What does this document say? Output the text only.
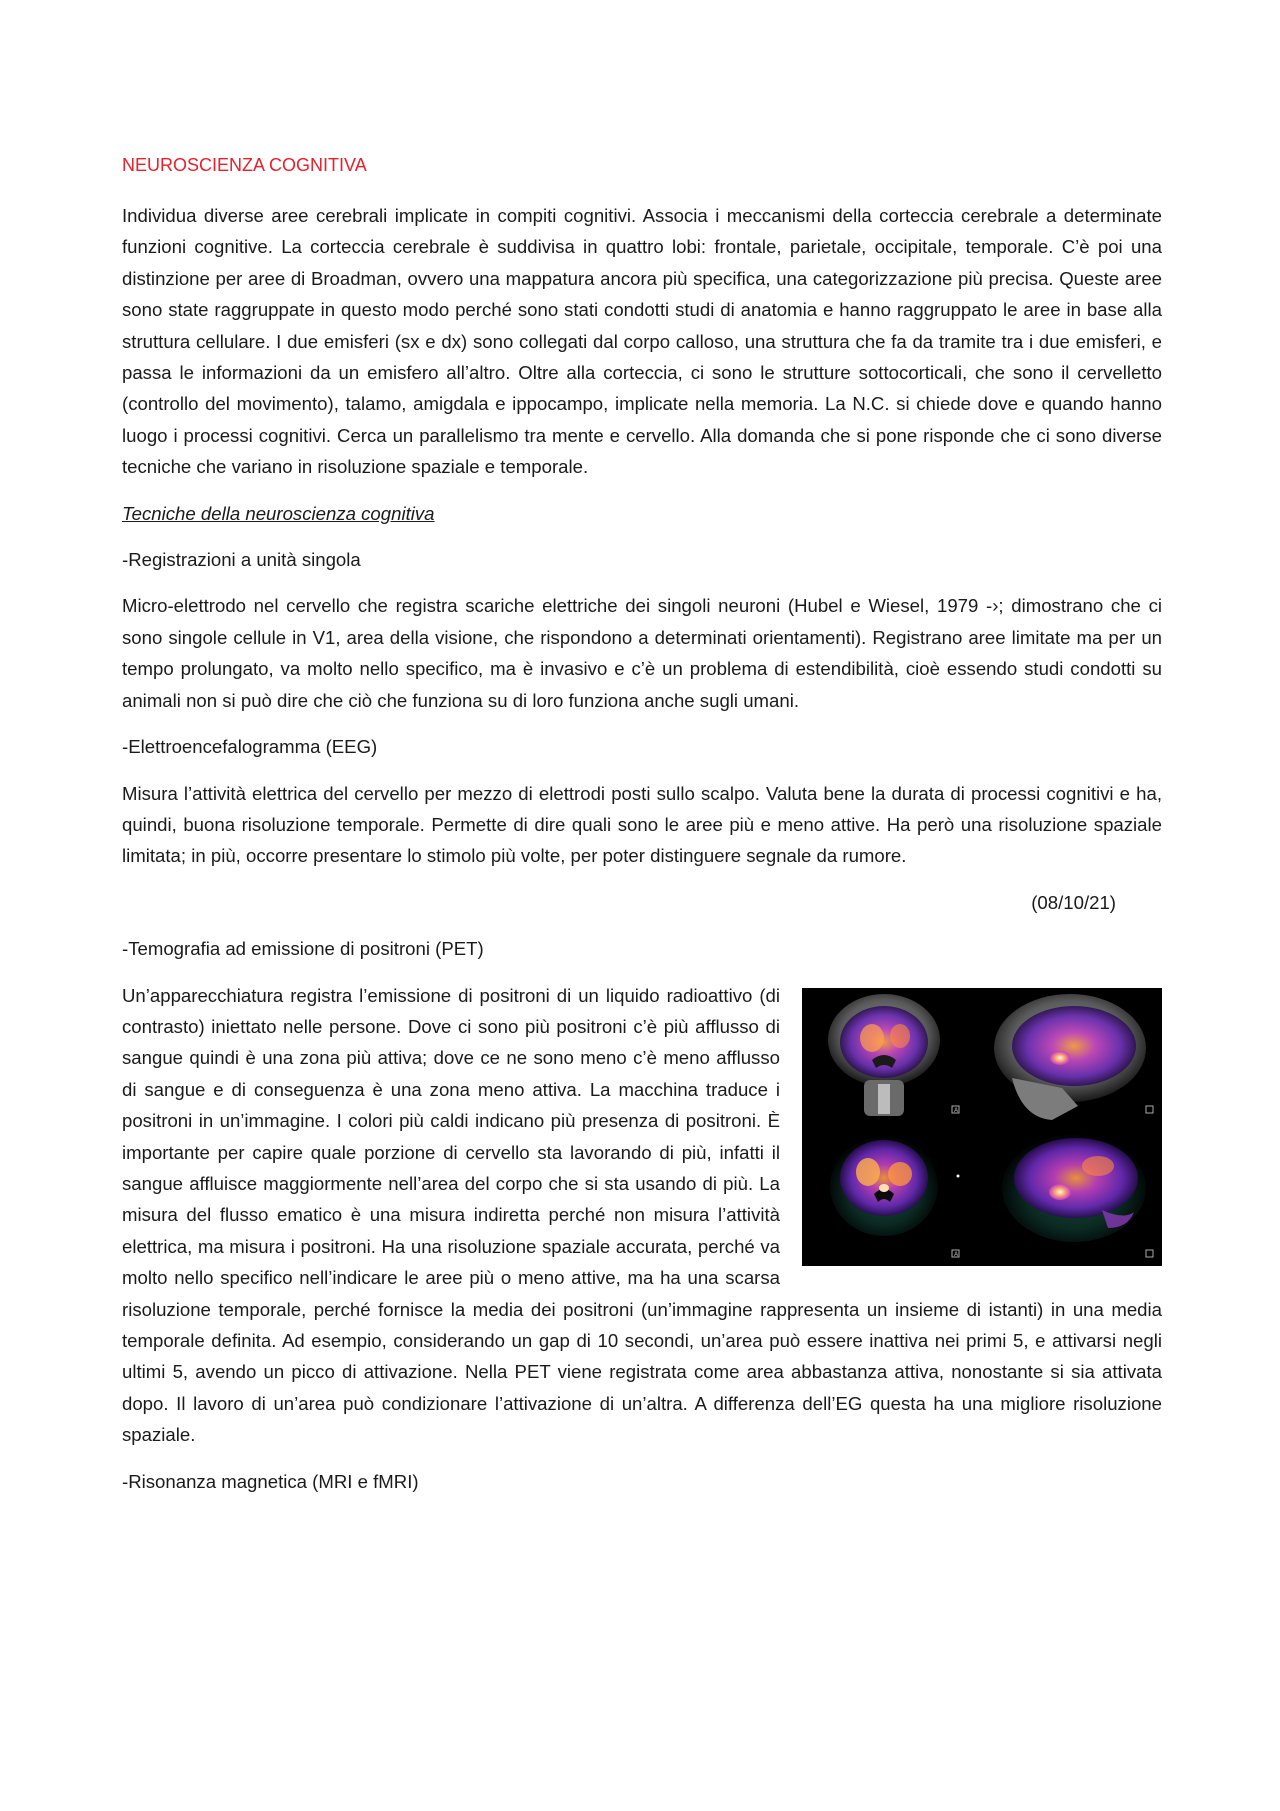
NEUROSCIENZA COGNITIVA

Individua diverse aree cerebrali implicate in compiti cognitivi. Associa i meccanismi della corteccia cerebrale a determinate funzioni cognitive. La corteccia cerebrale è suddivisa in quattro lobi: frontale, parietale, occipitale, temporale. C’è poi una distinzione per aree di Broadman, ovvero una mappatura ancora più specifica, una categorizzazione più precisa. Queste aree sono state raggruppate in questo modo perché sono stati condotti studi di anatomia e hanno raggruppato le aree in base alla struttura cellulare. I due emisferi (sx e dx) sono collegati dal corpo calloso, una struttura che fa da tramite tra i due emisferi, e passa le informazioni da un emisfero all’altro. Oltre alla corteccia, ci sono le strutture sottocorticali, che sono il cervelletto (controllo del movimento), talamo, amigdala e ippocampo, implicate nella memoria. La N.C. si chiede dove e quando hanno luogo i processi cognitivi. Cerca un parallelismo tra mente e cervello. Alla domanda che si pone risponde che ci sono diverse tecniche che variano in risoluzione spaziale e temporale.

Tecniche della neuroscienza cognitiva

-Registrazioni a unità singola

Micro-elettrodo nel cervello che registra scariche elettriche dei singoli neuroni (Hubel e Wiesel, 1979 -›; dimostrano che ci sono singole cellule in V1, area della visione, che rispondono a determinati orientamenti). Registrano aree limitate ma per un tempo prolungato, va molto nello specifico, ma è invasivo e c’è un problema di estendibilità, cioè essendo studi condotti su animali non si può dire che ciò che funziona su di loro funziona anche sugli umani.

-Elettroencefalogramma (EEG)

Misura l’attività elettrica del cervello per mezzo di elettrodi posti sullo scalpo. Valuta bene la durata di processi cognitivi e ha, quindi, buona risoluzione temporale. Permette di dire quali sono le aree più e meno attive. Ha però una risoluzione spaziale limitata; in più, occorre presentare lo stimolo più volte, per poter distinguere segnale da rumore.

(08/10/21)

-Temografia ad emissione di positroni (PET)

A
A

Un’apparecchiatura registra l’emissione di positroni di un liquido radioattivo (di contrasto) iniettato nelle persone. Dove ci sono più positroni c’è più afflusso di sangue quindi è una zona più attiva; dove ce ne sono meno c’è meno afflusso di sangue e di conseguenza è una zona meno attiva. La macchina traduce i positroni in un’immagine. I colori più caldi indicano più presenza di positroni. È importante per capire quale porzione di cervello sta lavorando di più, infatti il sangue affluisce maggiormente nell’area del corpo che si sta usando di più. La misura del flusso ematico è una misura indiretta perché non misura l’attività elettrica, ma misura i positroni. Ha una risoluzione spaziale accurata, perché va molto nello specifico nell’indicare le aree più o meno attive, ma ha una scarsa risoluzione temporale, perché fornisce la media dei positroni (un’immagine rappresenta un insieme di istanti) in una media temporale definita. Ad esempio, considerando un gap di 10 secondi, un’area può essere inattiva nei primi 5, e attivarsi negli ultimi 5, avendo un picco di attivazione. Nella PET viene registrata come area abbastanza attiva, nonostante si sia attivata dopo. Il lavoro di un’area può condizionare l’attivazione di un’altra. A differenza dell’EG questa ha una migliore risoluzione spaziale.

-Risonanza magnetica (MRI e fMRI)
